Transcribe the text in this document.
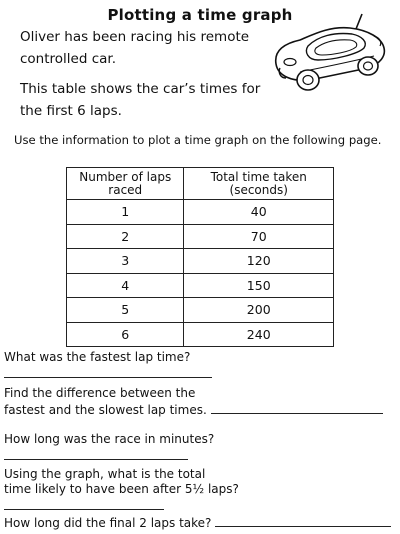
Plotting a time graph
Oliver has been racing his remote controlled car.
This table shows the car’s times for the first 6 laps.
Use the information to plot a time graph on the following page.
Number of laps raced	Total time taken (seconds)
1	40
2	70
3	120
4	150
5	200
6	240
What was the fastest lap time?
Find the difference between the
fastest and the slowest lap times.
How long was the race in minutes?
Using the graph, what is the total
time likely to have been after 5½ laps?
How long did the final 2 laps take?
